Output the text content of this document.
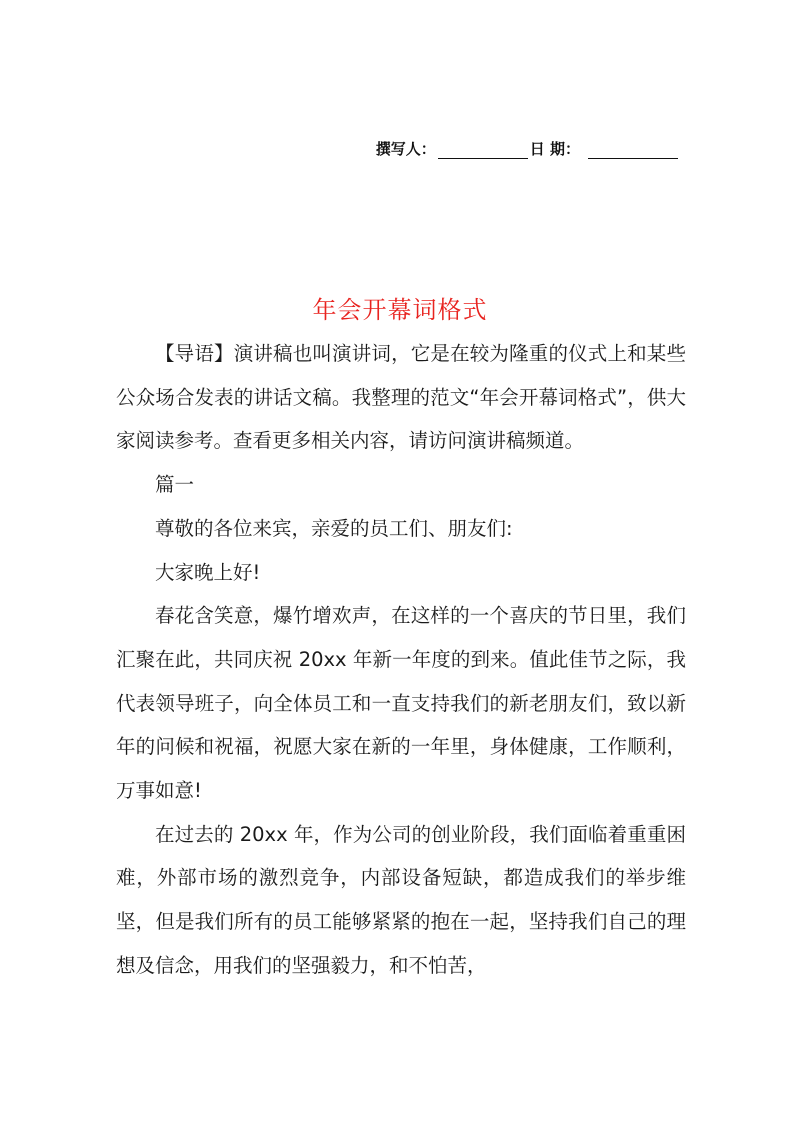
撰写人：	日 期：
年会开幕词格式

【导语】演讲稿也叫演讲词，它是在较为隆重的仪式上和某些公众场合发表的讲话文稿。我整理的范文“年会开幕词格式”，供大家阅读参考。查看更多相关内容，请访问演讲稿频道。

篇一

尊敬的各位来宾，亲爱的员工们、朋友们:

大家晚上好!

春花含笑意，爆竹增欢声，在这样的一个喜庆的节日里，我们汇聚在此，共同庆祝 20xx 年新一年度的到来。值此佳节之际，我代表领导班子，向全体员工和一直支持我们的新老朋友们，致以新年的问候和祝福，祝愿大家在新的一年里，身体健康，工作顺利，万事如意!

在过去的 20xx 年，作为公司的创业阶段，我们面临着重重困难，外部市场的激烈竞争，内部设备短缺，都造成我们的举步维坚，但是我们所有的员工能够紧紧的抱在一起，坚持我们自己的理想及信念，用我们的坚强毅力，和不怕苦，
